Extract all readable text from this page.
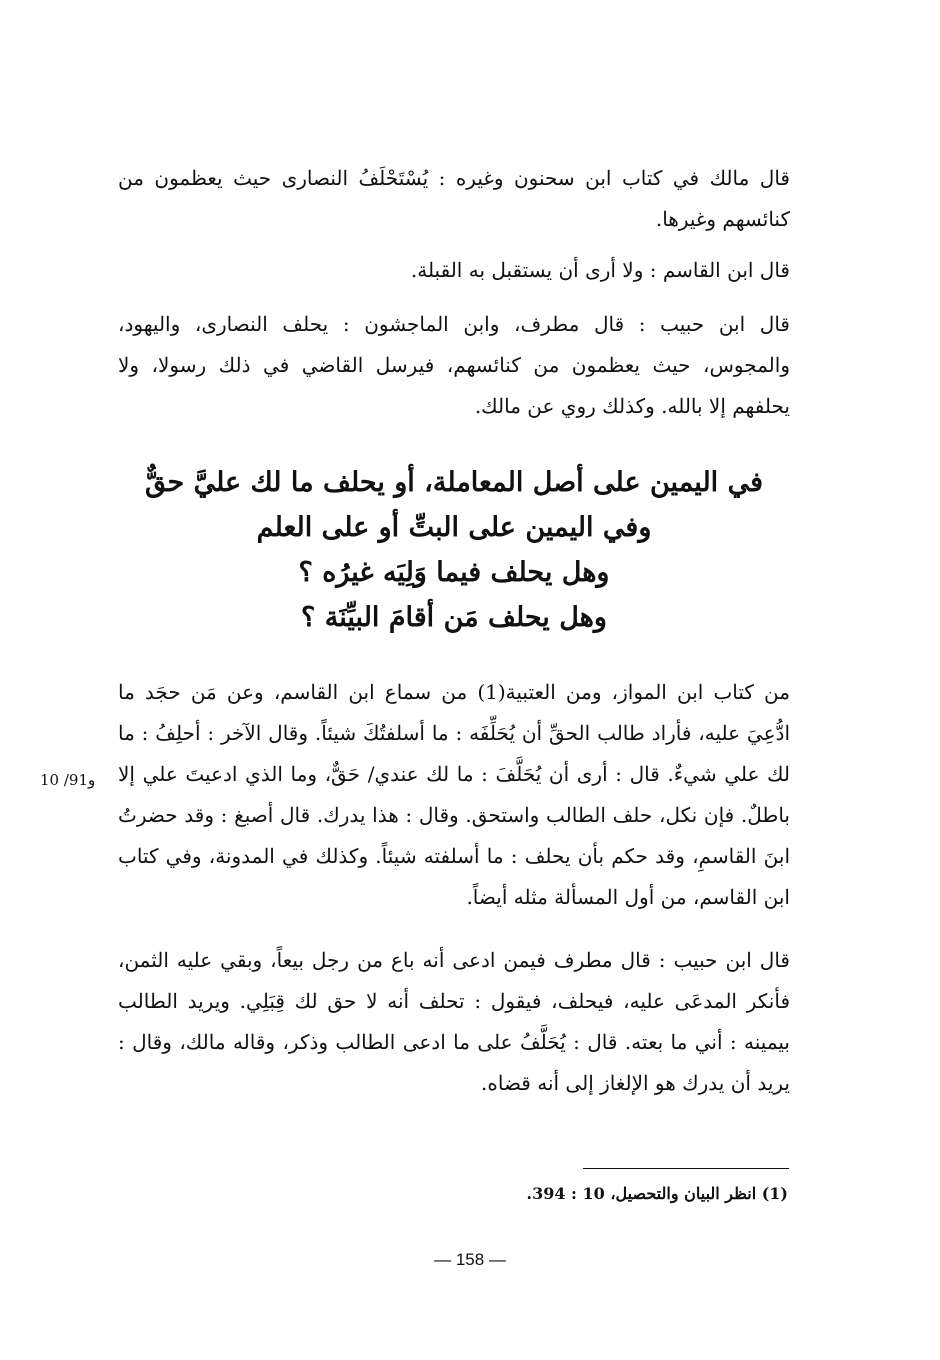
قال مالك في كتاب ابن سحنون وغيره : يُسْتَحْلَفُ النصارى حيث يعظمون من كنائسهم وغيرها.

قال ابن القاسم : ولا أرى أن يستقبل به القبلة.

قال ابن حبيب : قال مطرف، وابن الماجشون : يحلف النصارى، واليهود، والمجوس، حيث يعظمون من كنائسهم، فيرسل القاضي في ذلك رسولا، ولا يحلفهم إلا بالله. وكذلك روي عن مالك.

في اليمين على أصل المعاملة، أو يحلف ما لك عليَّ حقٌّ
وفي اليمين على البتِّ أو على العلم
وهل يحلف فيما وَلِيَه غيرُه ؟
وهل يحلف مَن أقامَ البيِّنَة ؟

من كتاب ابن المواز، ومن العتبية(1) من سماع ابن القاسم، وعن مَن حجَد ما ادُّعِيَ عليه، فأراد طالب الحقِّ أن يُحَلِّفَه : ما أسلفتُكَ شيئاً. وقال الآخر : أحلِفُ : ما لك علي شيءٌ. قال : أرى أن يُحَلَّفَ : ما لك عندي/ حَقٌّ، وما الذي ادعيتَ علي إلا باطلٌ. فإن نكل، حلف الطالب واستحق. وقال : هذا يدرك. قال أصبغ : وقد حضرتُ ابنَ القاسمِ، وقد حكم بأن يحلف : ما أسلفته شيئاً. وكذلك في المدونة، وفي كتاب ابن القاسم، من أول المسألة مثله أيضاً.

قال ابن حبيب : قال مطرف فيمن ادعى أنه باع من رجل بيعاً، وبقي عليه الثمن، فأنكر المدعَى عليه، فيحلف، فيقول : تحلف أنه لا حق لك قِبَلِي. ويريد الطالب بيمينه : أني ما بعته. قال : يُحَلَّفُ على ما ادعى الطالب وذكر، وقاله مالك، وقال : يريد أن يدرك هو الإلغاز إلى أنه قضاه.

10 /91و
(1) انظر البيان والتحصيل، 10 : 394.
— 158 —
